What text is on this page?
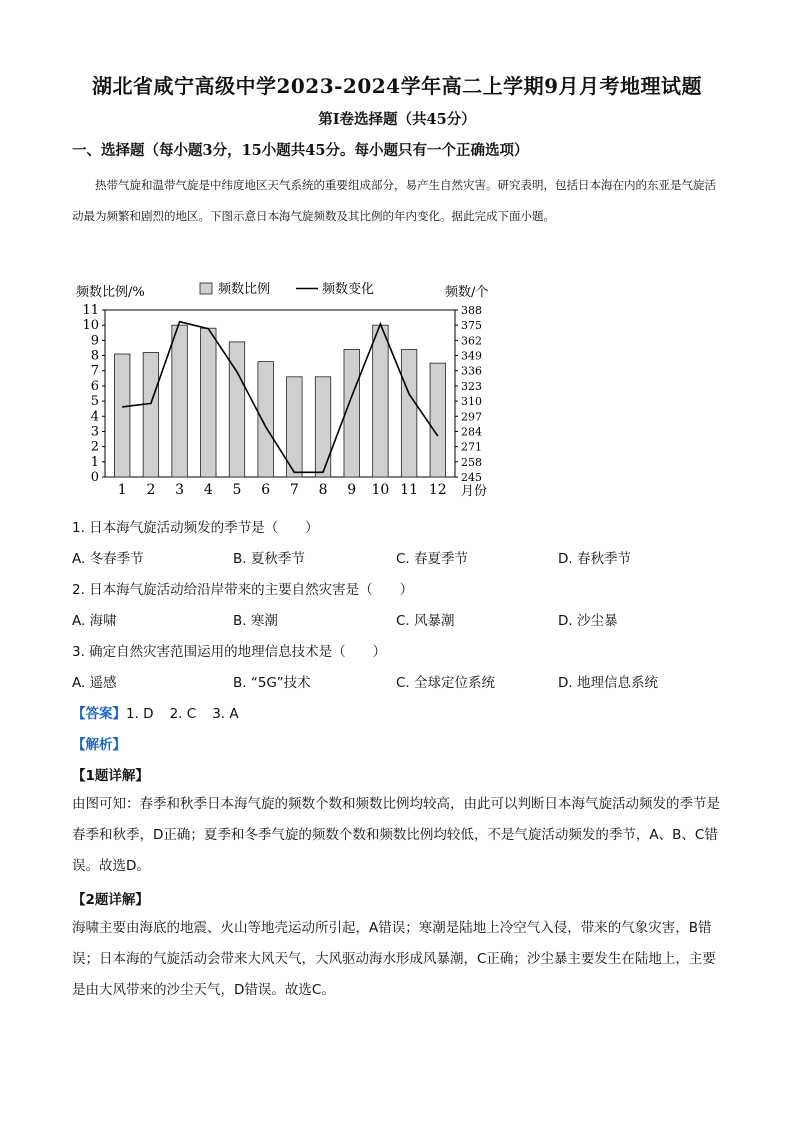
湖北省咸宁高级中学2023-2024学年高二上学期9月月考地理试题
第Ⅰ卷选择题（共45分）
一、选择题（每小题3分，15小题共45分。每小题只有一个正确选项）
热带气旋和温带气旋是中纬度地区天气系统的重要组成部分，易产生自然灾害。研究表明，包括日本海在内的东亚是气旋活动最为频繁和剧烈的地区。下图示意日本海气旋频数及其比例的年内变化。据此完成下面小题。
0
1
2
3
4
5
6
7
8
9
10
11
245
258
271
284
297
310
323
336
349
362
375
388
1 2 3 4 5 6 7 8 9 10 11 12 月份
频数比例/%	频数/个
频数比例	频数变化
1. 日本海气旋活动频发的季节是（　　）
A. 冬春季节	B. 夏秋季节	C. 春夏季节	D. 春秋季节
2. 日本海气旋活动给沿岸带来的主要自然灾害是（　　）
A. 海啸	B. 寒潮	C. 风暴潮	D. 沙尘暴
3. 确定自然灾害范围运用的地理信息技术是（　　）
A. 遥感	B. “5G”技术	C. 全球定位系统	D. 地理信息系统
【答案】1. D 2. C 3. A
【解析】
【1题详解】
由图可知：春季和秋季日本海气旋的频数个数和频数比例均较高，由此可以判断日本海气旋活动频发的季节是春季和秋季，D正确；夏季和冬季气旋的频数个数和频数比例均较低，不是气旋活动频发的季节，A、B、C错误。故选D。
【2题详解】
海啸主要由海底的地震、火山等地壳运动所引起，A错误；寒潮是陆地上冷空气入侵，带来的气象灾害，B错误；日本海的气旋活动会带来大风天气，大风驱动海水形成风暴潮，C正确；沙尘暴主要发生在陆地上，主要是由大风带来的沙尘天气，D错误。故选C。
